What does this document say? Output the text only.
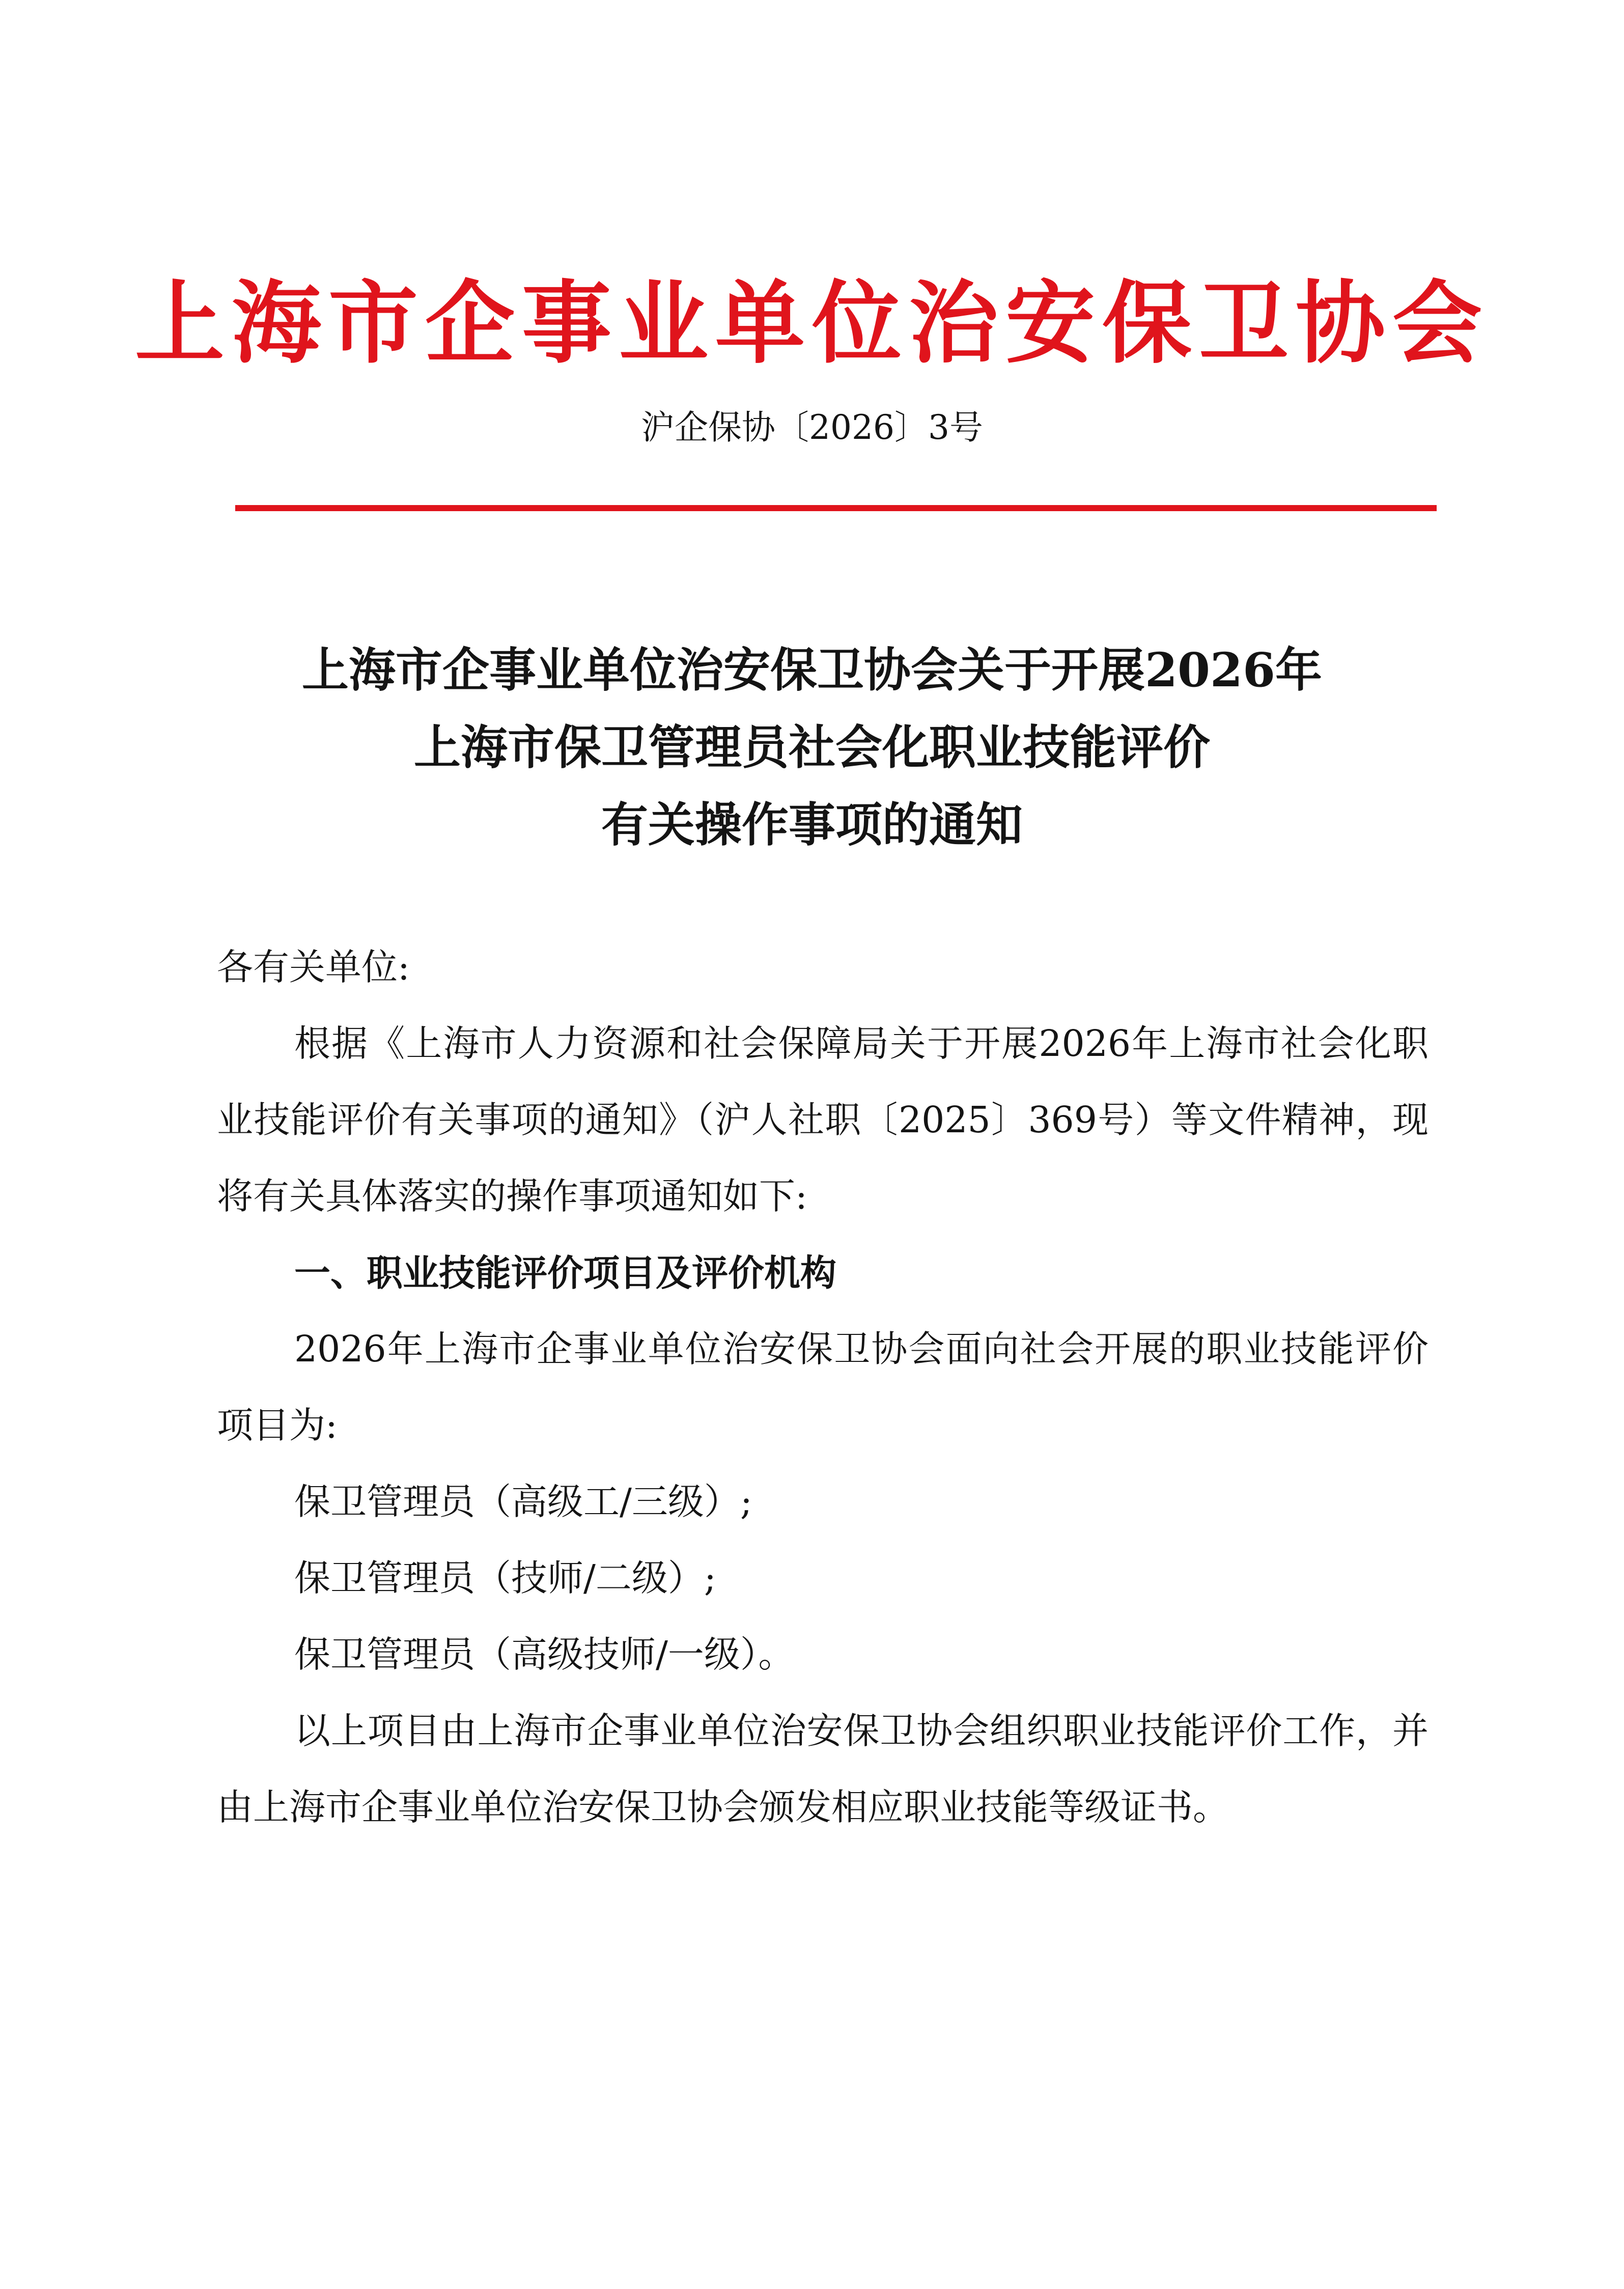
上海市企事业单位治安保卫协会
沪企保协〔2026〕3号
上海市企事业单位治安保卫协会关于开展2026年
上海市保卫管理员社会化职业技能评价
有关操作事项的通知

各有关单位:

根据《上海市人力资源和社会保障局关于开展2026年上海市社会化职业技能评价有关事项的通知》（沪人社职〔2025〕369号）等文件精神，现将有关具体落实的操作事项通知如下:

一、职业技能评价项目及评价机构

2026年上海市企事业单位治安保卫协会面向社会开展的职业技能评价项目为:

保卫管理员（高级工/三级）;

保卫管理员（技师/二级）;

保卫管理员（高级技师/一级）。

以上项目由上海市企事业单位治安保卫协会组织职业技能评价工作，并由上海市企事业单位治安保卫协会颁发相应职业技能等级证书。
